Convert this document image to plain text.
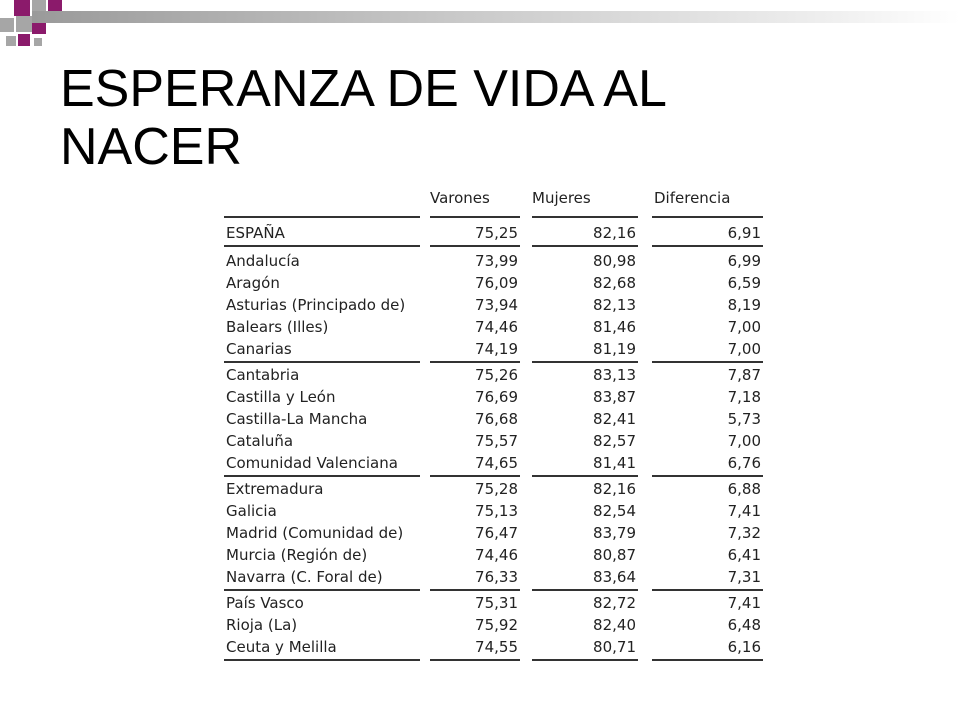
ESPERANZA DE VIDA AL
NACER
Varones	Mujeres	Diferencia
ESPAÑA	75,25	82,16	6,91
Andalucía	73,99	80,98	6,99
Aragón	76,09	82,68	6,59
Asturias (Principado de)	73,94	82,13	8,19
Balears (Illes)	74,46	81,46	7,00
Canarias	74,19	81,19	7,00
Cantabria	75,26	83,13	7,87
Castilla y León	76,69	83,87	7,18
Castilla-La Mancha	76,68	82,41	5,73
Cataluña	75,57	82,57	7,00
Comunidad Valenciana	74,65	81,41	6,76
Extremadura	75,28	82,16	6,88
Galicia	75,13	82,54	7,41
Madrid (Comunidad de)	76,47	83,79	7,32
Murcia (Región de)	74,46	80,87	6,41
Navarra (C. Foral de)	76,33	83,64	7,31
País Vasco	75,31	82,72	7,41
Rioja (La)	75,92	82,40	6,48
Ceuta y Melilla	74,55	80,71	6,16
